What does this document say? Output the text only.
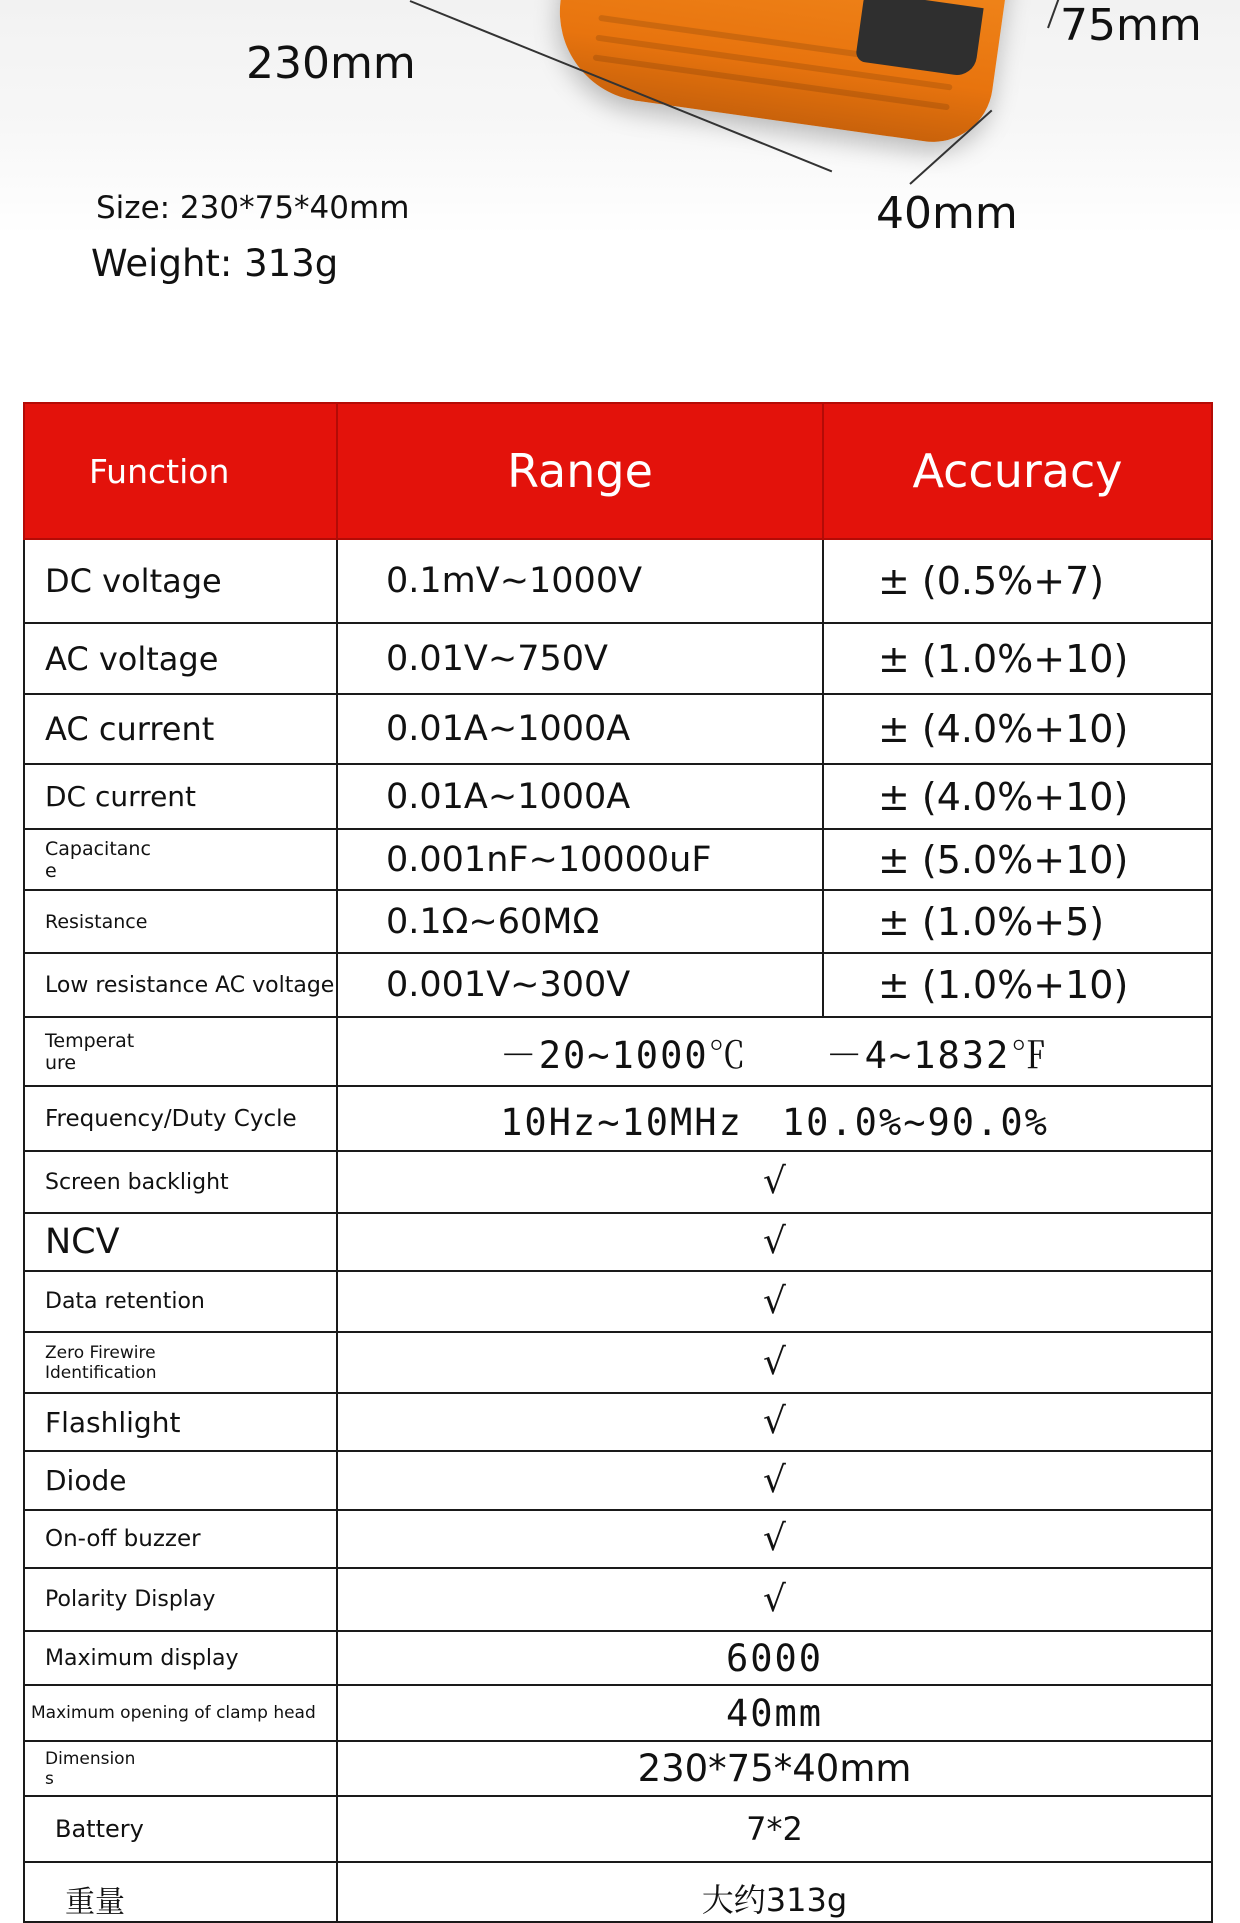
230mm
75mm
40mm
Size: 230*75*40mm
Weight: 313g
Function	Range	Accuracy
DC voltage	0.1mV~1000V	± (0.5%+7)
AC voltage	0.01V~750V	± (1.0%+10)
AC current	0.01A~1000A	± (4.0%+10)
DC current	0.01A~1000A	± (4.0%+10)
Capacitance	0.001nF~10000uF	± (5.0%+10)
Resistance	0.1Ω~60MΩ	± (1.0%+5)
Low resistance AC voltage	0.001V~300V	± (1.0%+10)
Temperature	－20~1000℃　　－4~1832℉	
Frequency/Duty Cycle	10Hz~10MHz　10.0%~90.0%	
Screen backlight	√	
NCV	√	
Data retention	√	
Zero Firewire Identification	√	
Flashlight	√	
Diode	√	
On-off buzzer	√	
Polarity Display	√	
Maximum display	6000	
Maximum opening of clamp head	40mm	
Dimensions	230*75*40mm	
Battery	7*2	
重量	大约313g	
